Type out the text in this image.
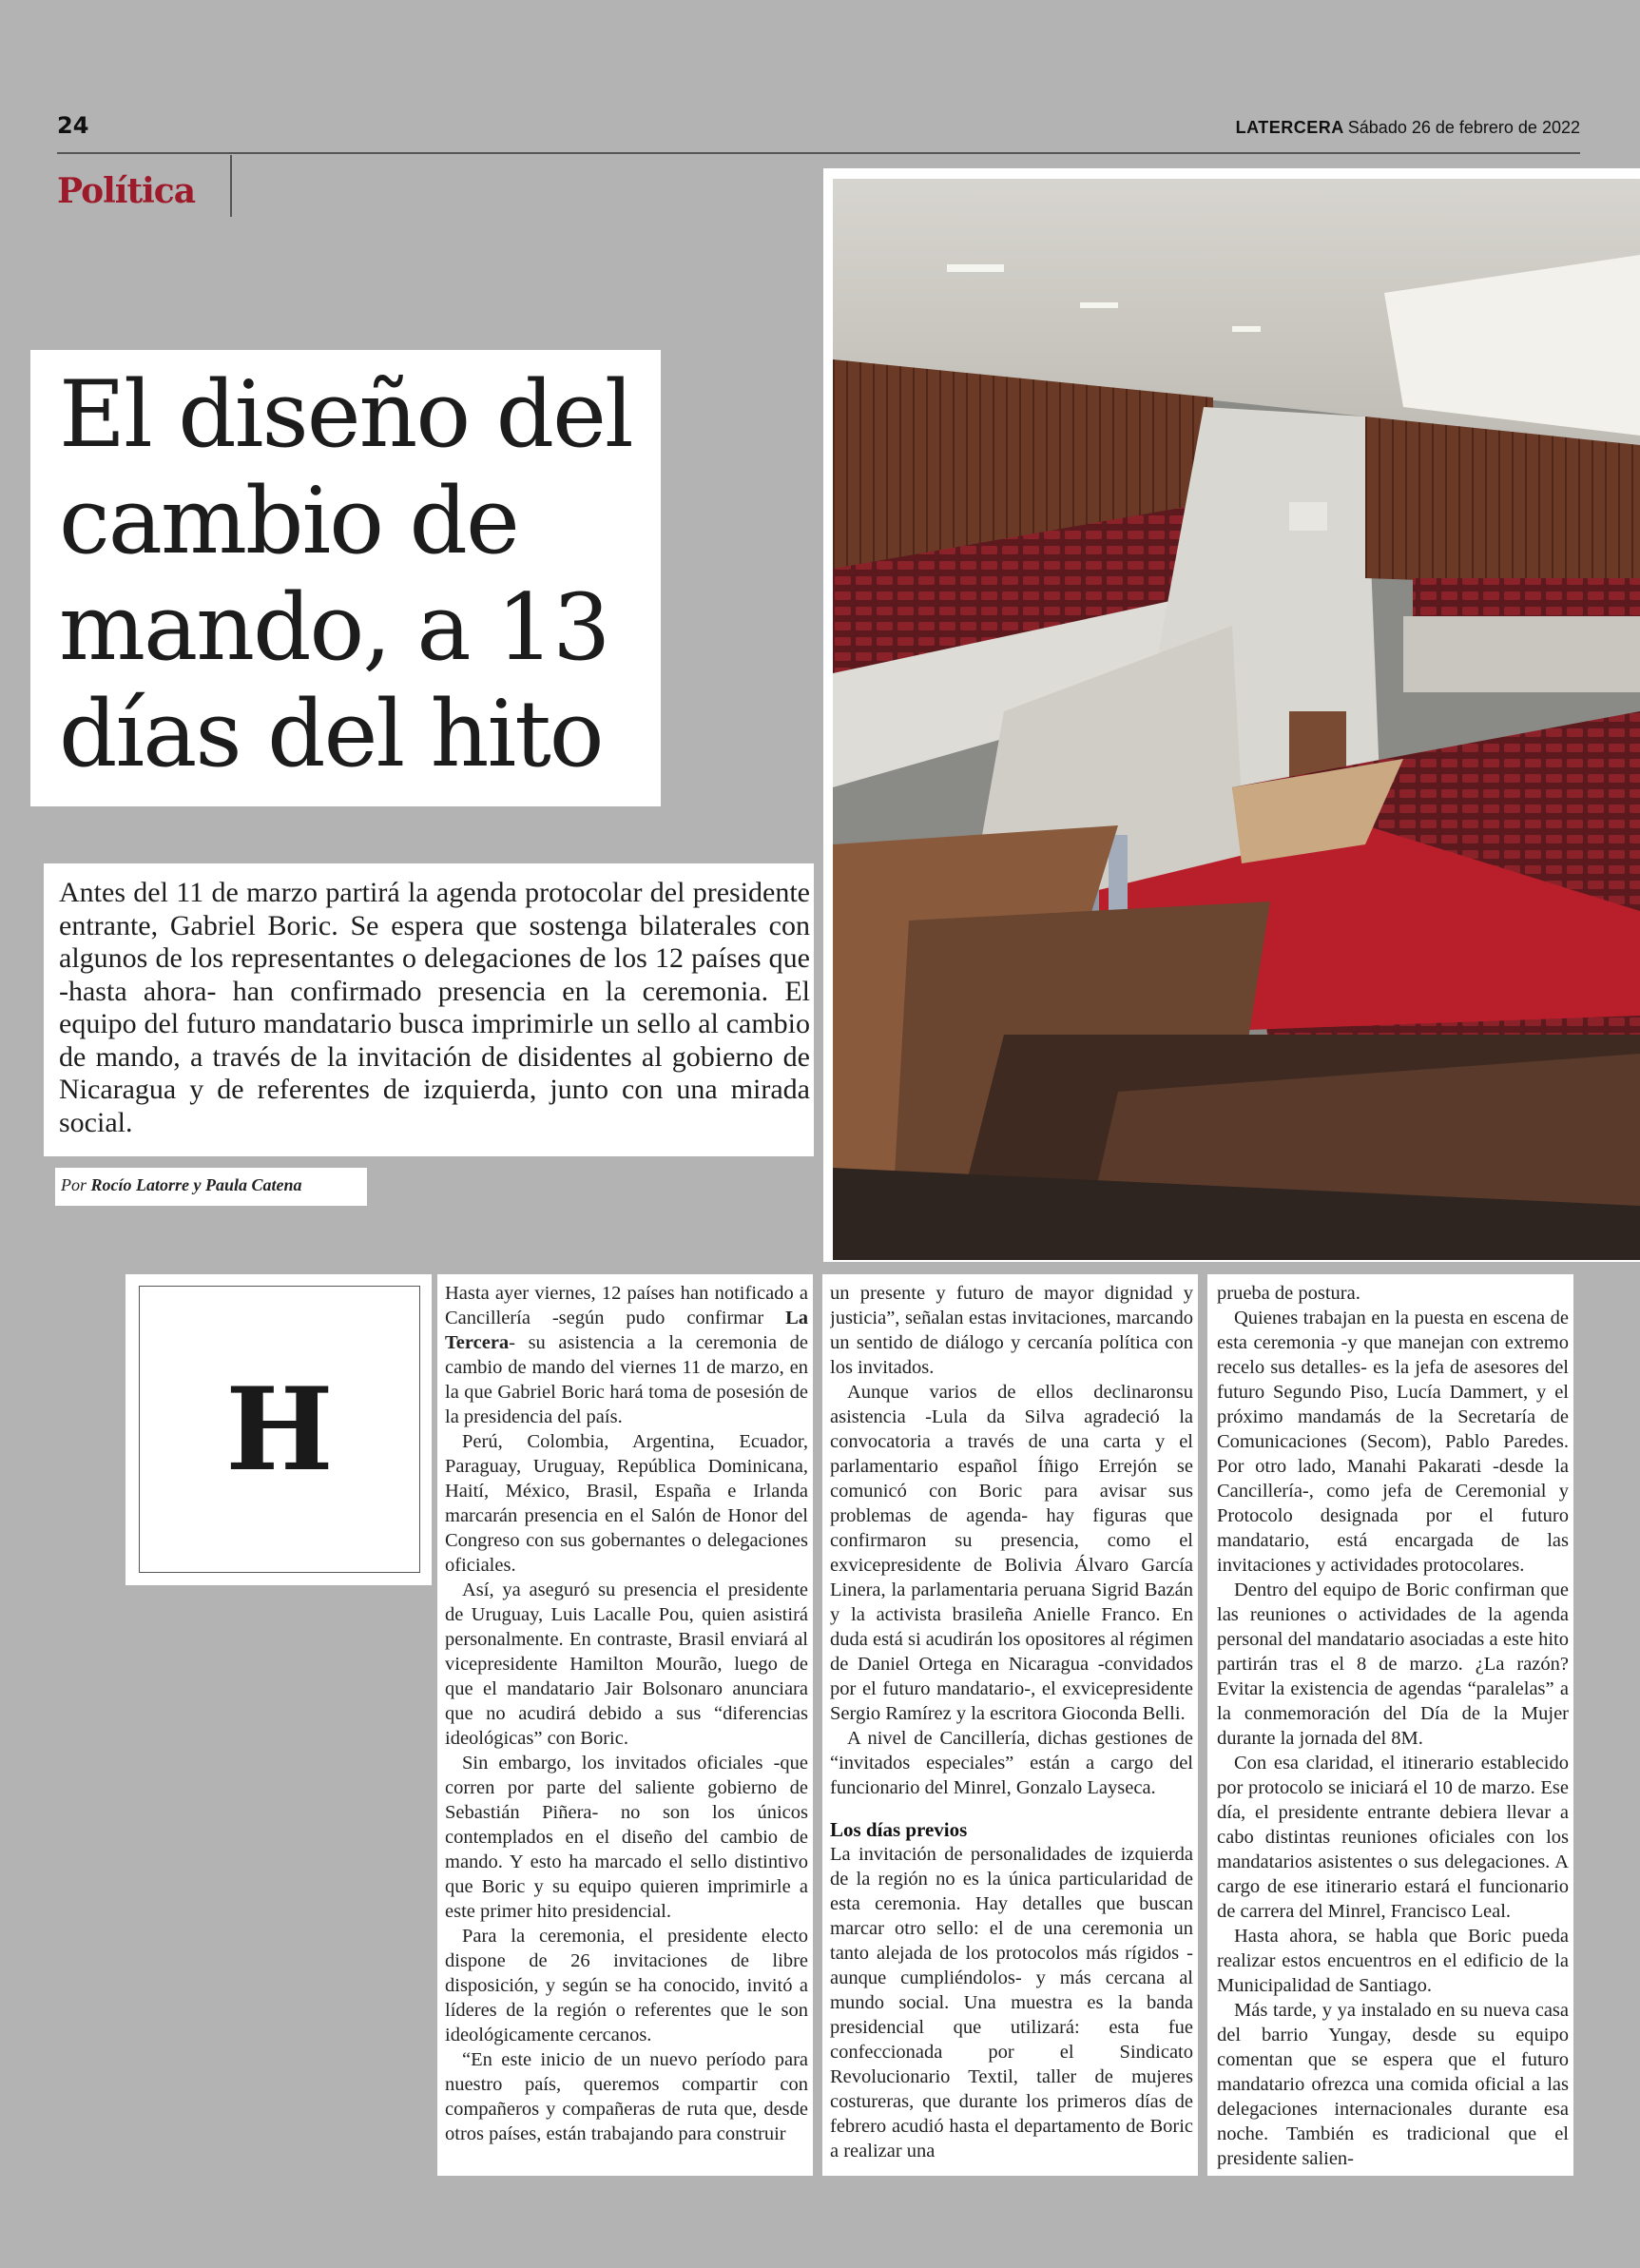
24	LATERCERA Sábado 26 de febrero de 2022
Política
El diseño del cambio de mando, a 13 días del hito

Antes del 11 de marzo partirá la agenda protocolar del presidente entrante, Gabriel Boric. Se espera que sostenga bilaterales con algunos de los representantes o delegaciones de los 12 países que -hasta ahora- han confirmado presencia en la ceremonia. El equipo del futuro mandatario busca imprimirle un sello al cambio de mando, a través de la invitación de disidentes al gobierno de Nicaragua y de referentes de izquierda, junto con una mirada social.

Por Rocío Latorre y Paula Catena
H

Hasta ayer viernes, 12 países han notificado a Cancillería -según pudo confirmar La Tercera- su asistencia a la ceremonia de cambio de mando del viernes 11 de marzo, en la que Gabriel Boric hará toma de posesión de la presidencia del país.

Perú, Colombia, Argentina, Ecuador, Paraguay, Uruguay, República Dominicana, Haití, México, Brasil, España e Irlanda marcarán presencia en el Salón de Honor del Congreso con sus gobernantes o delegaciones oficiales.

Así, ya aseguró su presencia el presidente de Uruguay, Luis Lacalle Pou, quien asistirá personalmente. En contraste, Brasil enviará al vicepresidente Hamilton Mourão, luego de que el mandatario Jair Bolsonaro anunciara que no acudirá debido a sus “diferencias ideológicas” con Boric.

Sin embargo, los invitados oficiales -que corren por parte del saliente gobierno de Sebastián Piñera- no son los únicos contemplados en el diseño del cambio de mando. Y esto ha marcado el sello distintivo que Boric y su equipo quieren imprimirle a este primer hito presidencial.

Para la ceremonia, el presidente electo dispone de 26 invitaciones de libre disposición, y según se ha conocido, invitó a líderes de la región o referentes que le son ideológicamente cercanos.

“En este inicio de un nuevo período para nuestro país, queremos compartir con compañeros y compañeras de ruta que, desde otros países, están trabajando para construir

un presente y futuro de mayor dignidad y justicia”, señalan estas invitaciones, marcando un sentido de diálogo y cercanía política con los invitados.

Aunque varios de ellos declinaronsu asistencia -Lula da Silva agradeció la convocatoria a través de una carta y el parlamentario español Íñigo Errejón se comunicó con Boric para avisar sus problemas de agenda- hay figuras que confirmaron su presencia, como el exvicepresidente de Bolivia Álvaro García Linera, la parlamentaria peruana Sigrid Bazán y la activista brasileña Anielle Franco. En duda está si acudirán los opositores al régimen de Daniel Ortega en Nicaragua -convidados por el futuro mandatario-, el exvicepresidente Sergio Ramírez y la escritora Gioconda Belli.

A nivel de Cancillería, dichas gestiones de “invitados especiales” están a cargo del funcionario del Minrel, Gonzalo Layseca.

Los días previos

La invitación de personalidades de izquierda de la región no es la única particularidad de esta ceremonia. Hay detalles que buscan marcar otro sello: el de una ceremonia un tanto alejada de los protocolos más rígidos -aunque cumpliéndolos- y más cercana al mundo social. Una muestra es la banda presidencial que utilizará: esta fue confeccionada por el Sindicato Revolucionario Textil, taller de mujeres costureras, que durante los primeros días de febrero acudió hasta el departamento de Boric a realizar una

prueba de postura.

Quienes trabajan en la puesta en escena de esta ceremonia -y que manejan con extremo recelo sus detalles- es la jefa de asesores del futuro Segundo Piso, Lucía Dammert, y el próximo mandamás de la Secretaría de Comunicaciones (Secom), Pablo Paredes. Por otro lado, Manahi Pakarati -desde la Cancillería-, como jefa de Ceremonial y Protocolo designada por el futuro mandatario, está encargada de las invitaciones y actividades protocolares.

Dentro del equipo de Boric confirman que las reuniones o actividades de la agenda personal del mandatario asociadas a este hito partirán tras el 8 de marzo. ¿La razón? Evitar la existencia de agendas “paralelas” a la conmemoración del Día de la Mujer durante la jornada del 8M.

Con esa claridad, el itinerario establecido por protocolo se iniciará el 10 de marzo. Ese día, el presidente entrante debiera llevar a cabo distintas reuniones oficiales con los mandatarios asistentes o sus delegaciones. A cargo de ese itinerario estará el funcionario de carrera del Minrel, Francisco Leal.

Hasta ahora, se habla que Boric pueda realizar estos encuentros en el edificio de la Municipalidad de Santiago.

Más tarde, y ya instalado en su nueva casa del barrio Yungay, desde su equipo comentan que se espera que el futuro mandatario ofrezca una comida oficial a las delegaciones internacionales durante esa noche. También es tradicional que el presidente salien-
